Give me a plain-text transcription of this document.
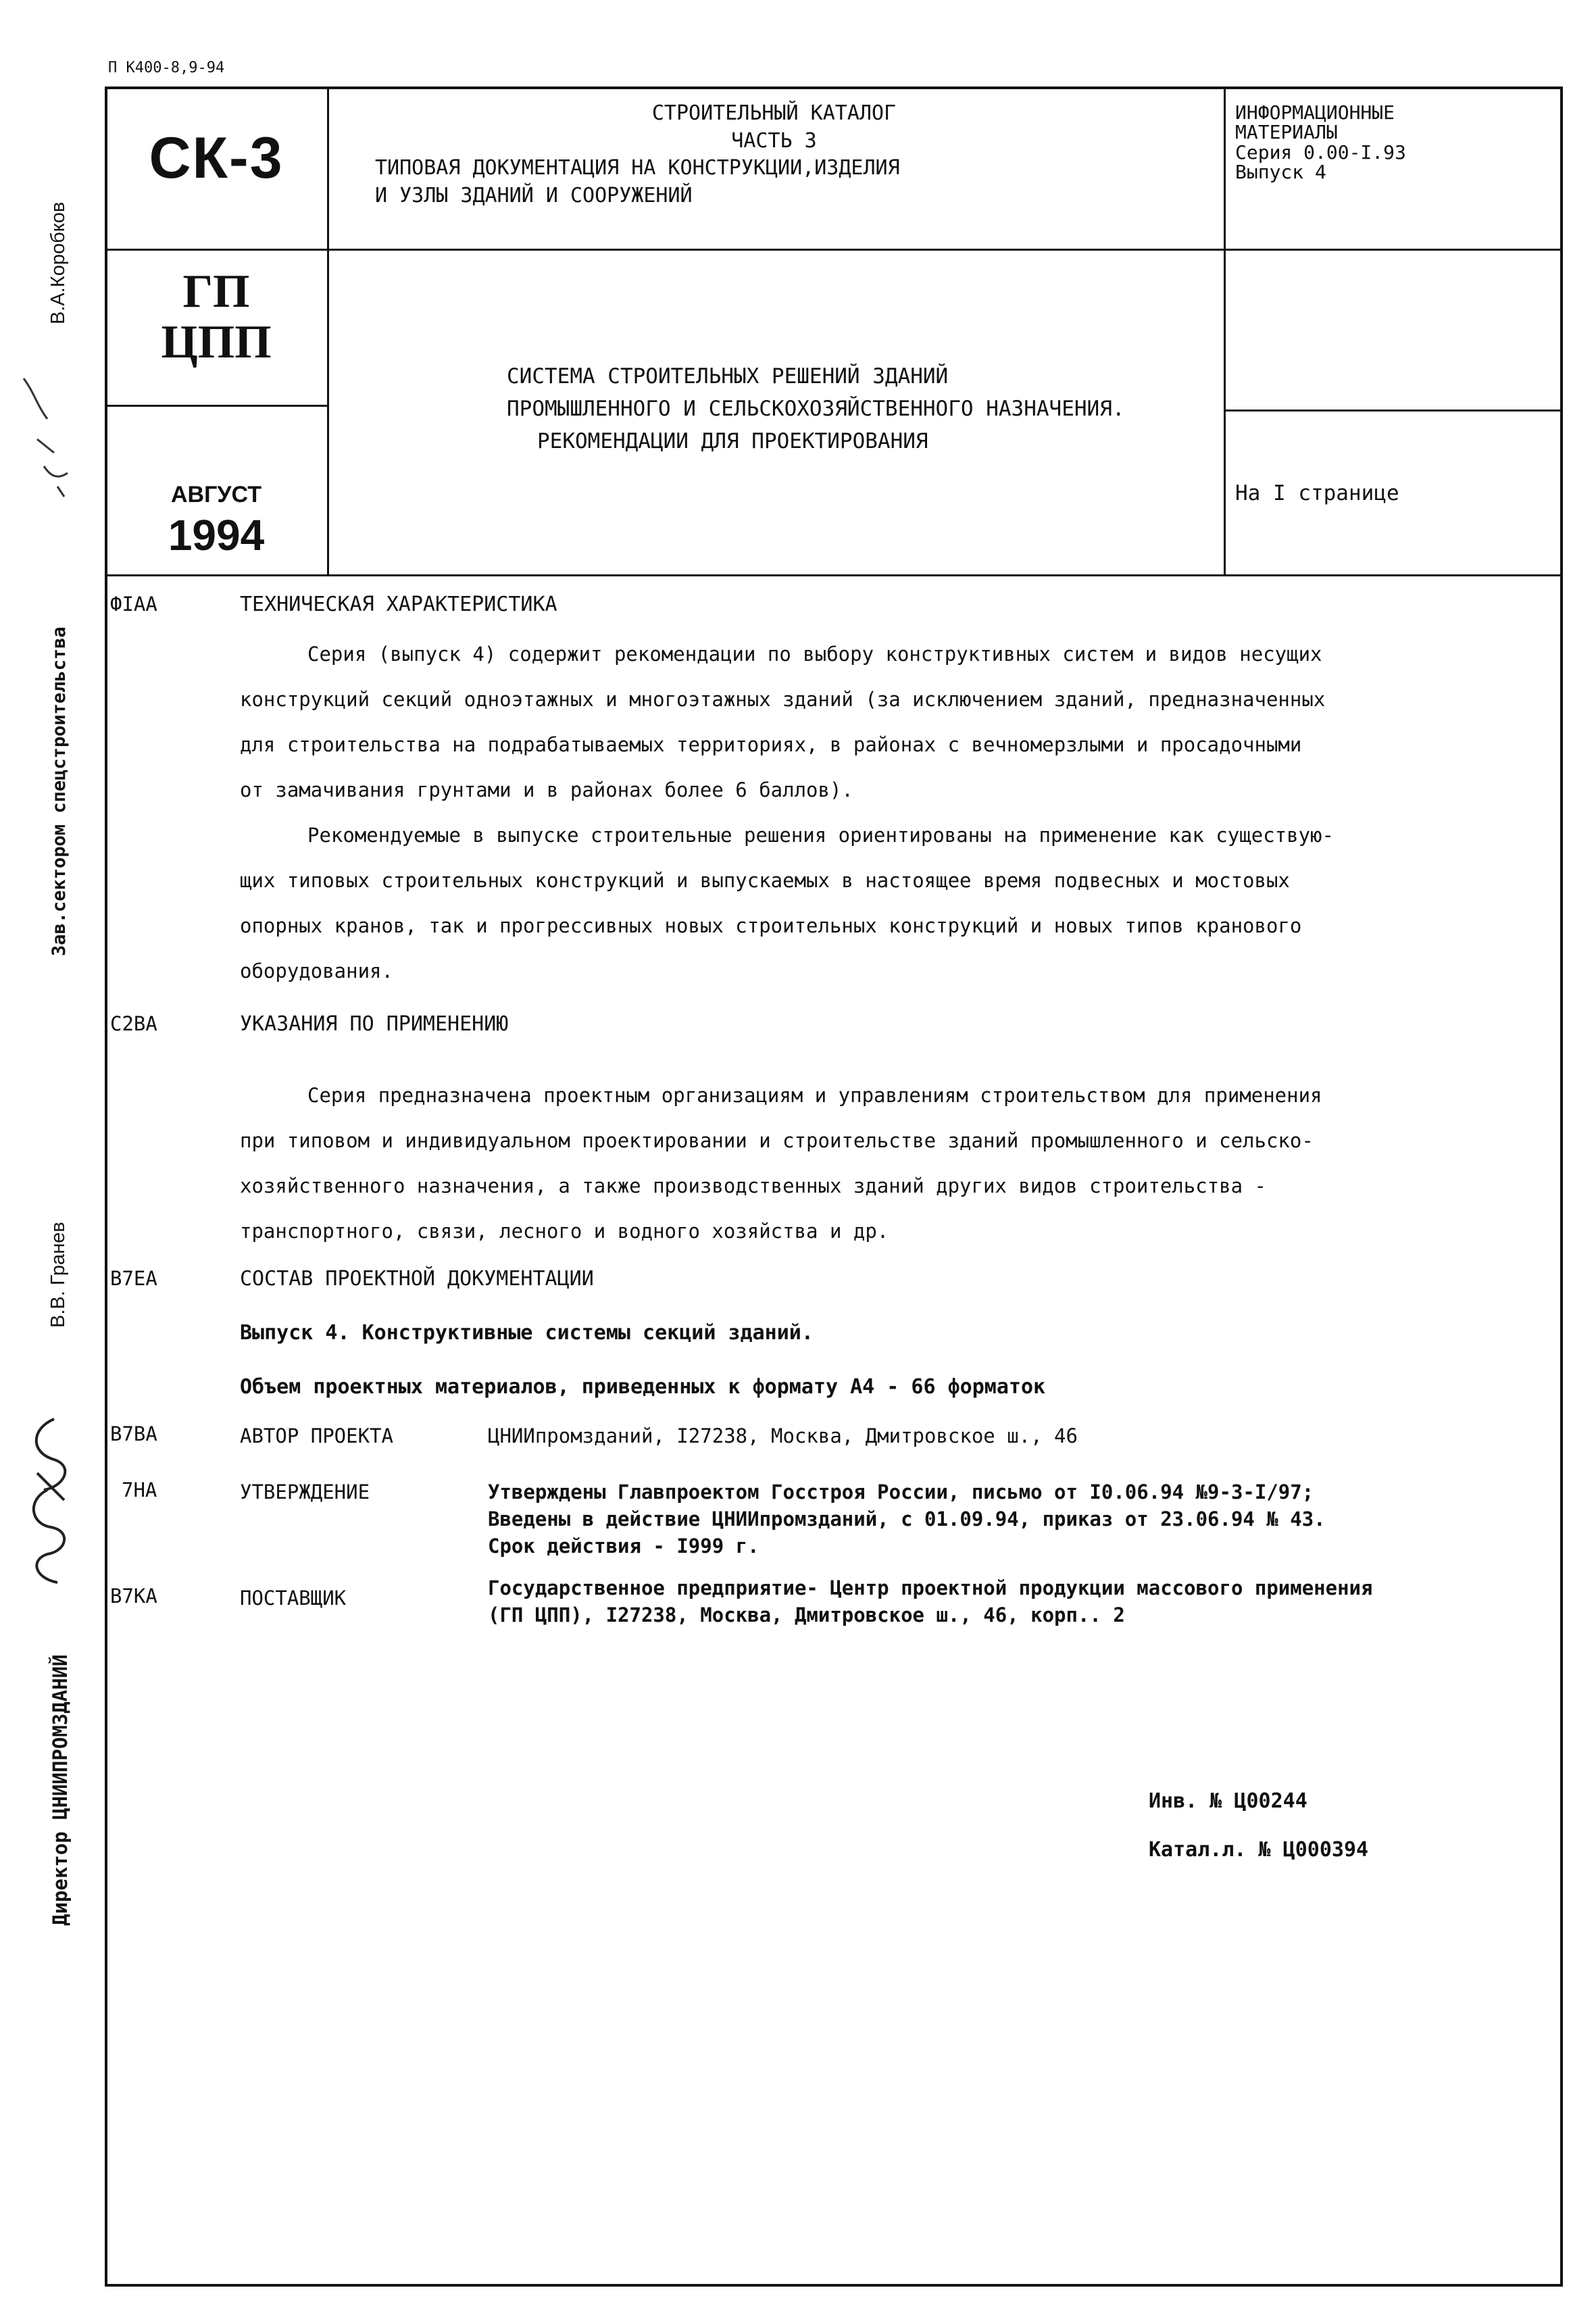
П К400-8,9-94
СК-3
СТРОИТЕЛЬНЫЙ КАТАЛОГ
ЧАСТЬ 3
ТИПОВАЯ ДОКУМЕНТАЦИЯ НА КОНСТРУКЦИИ,ИЗДЕЛИЯ
И УЗЛЫ ЗДАНИЙ И СООРУЖЕНИЙ
ИНФОРМАЦИОННЫЕ
МАТЕРИАЛЫ
Серия 0.00-I.93
Выпуск 4
ГП
ЦПП
АВГУСТ
1994
СИСТЕМА СТРОИТЕЛЬНЫХ РЕШЕНИЙ ЗДАНИЙ
ПРОМЫШЛЕННОГО И СЕЛЬСКОХОЗЯЙСТВЕННОГО НАЗНАЧЕНИЯ.
РЕКОМЕНДАЦИИ ДЛЯ ПРОЕКТИРОВАНИЯ
На I странице
ФIАА	ТЕХНИЧЕСКАЯ ХАРАКТЕРИСТИКА
Серия (выпуск 4) содержит рекомендации по выбору конструктивных систем и видов несущих
конструкций секций одноэтажных и многоэтажных зданий (за исключением зданий, предназначенных
для строительства на подрабатываемых территориях, в районах с вечномерзлыми и просадочными
от замачивания грунтами и в районах более 6 баллов).
Рекомендуемые в выпуске строительные решения ориентированы на применение как существую-
щих типовых строительных конструкций и выпускаемых в настоящее время подвесных и мостовых
опорных кранов, так и прогрессивных новых строительных конструкций и новых типов кранового
оборудования.
С2ВА	УКАЗАНИЯ ПО ПРИМЕНЕНИЮ
Серия предназначена проектным организациям и управлениям строительством для применения
при типовом и индивидуальном проектировании и строительстве зданий промышленного и сельско-
хозяйственного назначения, а также производственных зданий других видов строительства -
транспортного, связи, лесного и водного хозяйства и др.
В7ЕА	СОСТАВ ПРОЕКТНОЙ ДОКУМЕНТАЦИИ
Выпуск 4. Конструктивные системы секций зданий.
Объем проектных материалов, приведенных к формату А4 - 66 форматок
В7ВА	АВТОР ПРОЕКТА	ЦНИИпромзданий, I27238, Москва, Дмитровское ш., 46
7НА	УТВЕРЖДЕНИЕ	Утверждены Главпроектом Госстроя России, письмо от I0.06.94 №9-3-I/97;
Введены в действие ЦНИИпромзданий, с 01.09.94, приказ от 23.06.94 № 43.
Срок действия - I999 г.
В7КА	ПОСТАВЩИК	Государственное предприятие- Центр проектной продукции массового применения
(ГП ЦПП), I27238, Москва, Дмитровское ш., 46, корп.. 2
Инв. № Ц00244
Катал.л. № Ц000394
В.А.Коробков
Зав.сектором спецстроительства
В.В. Гранев
Директор ЦНИИПРОМЗДАНИЙ
